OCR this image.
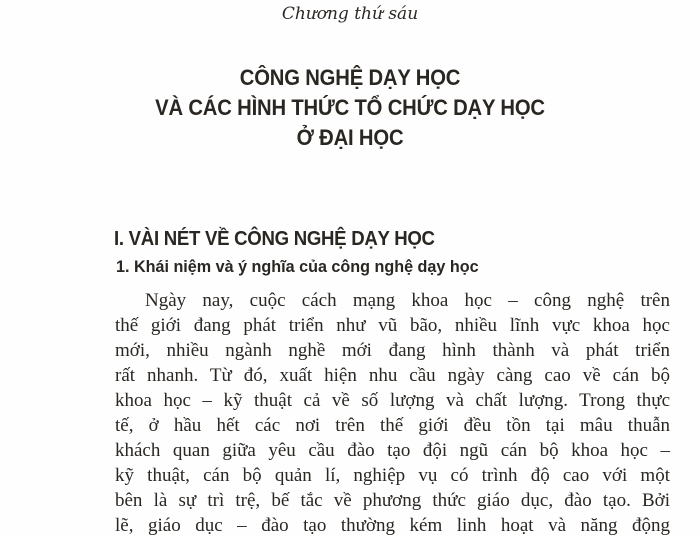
Chương thứ sáu
CÔNG NGHỆ DẠY HỌC
VÀ CÁC HÌNH THỨC TỔ CHỨC DẠY HỌC
Ở ĐẠI HỌC
I. VÀI NÉT VỀ CÔNG NGHỆ DẠY HỌC
1. Khái niệm và ý nghĩa của công nghệ dạy học
Ngày nay, cuộc cách mạng khoa học – công nghệ trên
thế giới đang phát triển như vũ bão, nhiều lĩnh vực khoa học
mới, nhiều ngành nghề mới đang hình thành và phát triển
rất nhanh. Từ đó, xuất hiện nhu cầu ngày càng cao về cán bộ
khoa học – kỹ thuật cả về số lượng và chất lượng. Trong thực
tế, ở hầu hết các nơi trên thế giới đều tồn tại mâu thuẫn
khách quan giữa yêu cầu đào tạo đội ngũ cán bộ khoa học –
kỹ thuật, cán bộ quản lí, nghiệp vụ có trình độ cao với một
bên là sự trì trệ, bế tắc về phương thức giáo dục, đào tạo. Bởi
lẽ, giáo dục – đào tạo thường kém linh hoạt và năng động
